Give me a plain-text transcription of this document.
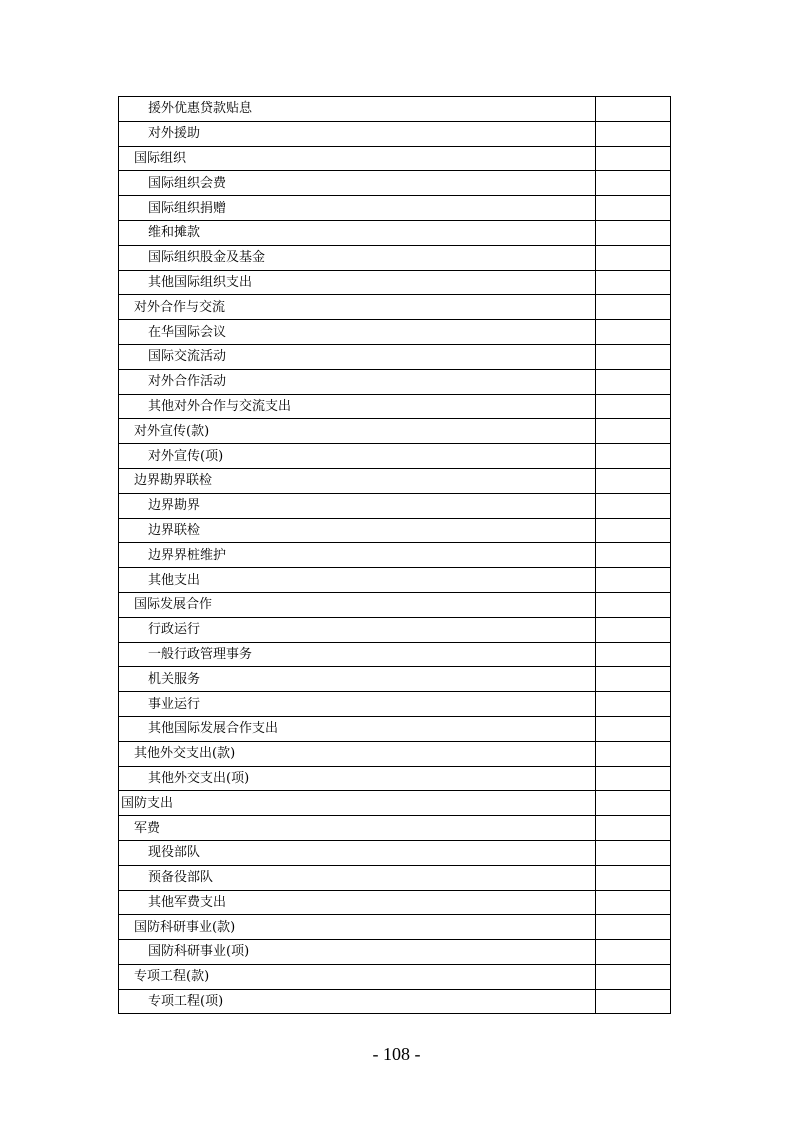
援外优惠贷款贴息	
对外援助	
国际组织	
国际组织会费	
国际组织捐赠	
维和摊款	
国际组织股金及基金	
其他国际组织支出	
对外合作与交流	
在华国际会议	
国际交流活动	
对外合作活动	
其他对外合作与交流支出	
对外宣传(款)	
对外宣传(项)	
边界勘界联检	
边界勘界	
边界联检	
边界界桩维护	
其他支出	
国际发展合作	
行政运行	
一般行政管理事务	
机关服务	
事业运行	
其他国际发展合作支出	
其他外交支出(款)	
其他外交支出(项)	
国防支出	
军费	
现役部队	
预备役部队	
其他军费支出	
国防科研事业(款)	
国防科研事业(项)	
专项工程(款)	
专项工程(项)	
- 108 -
